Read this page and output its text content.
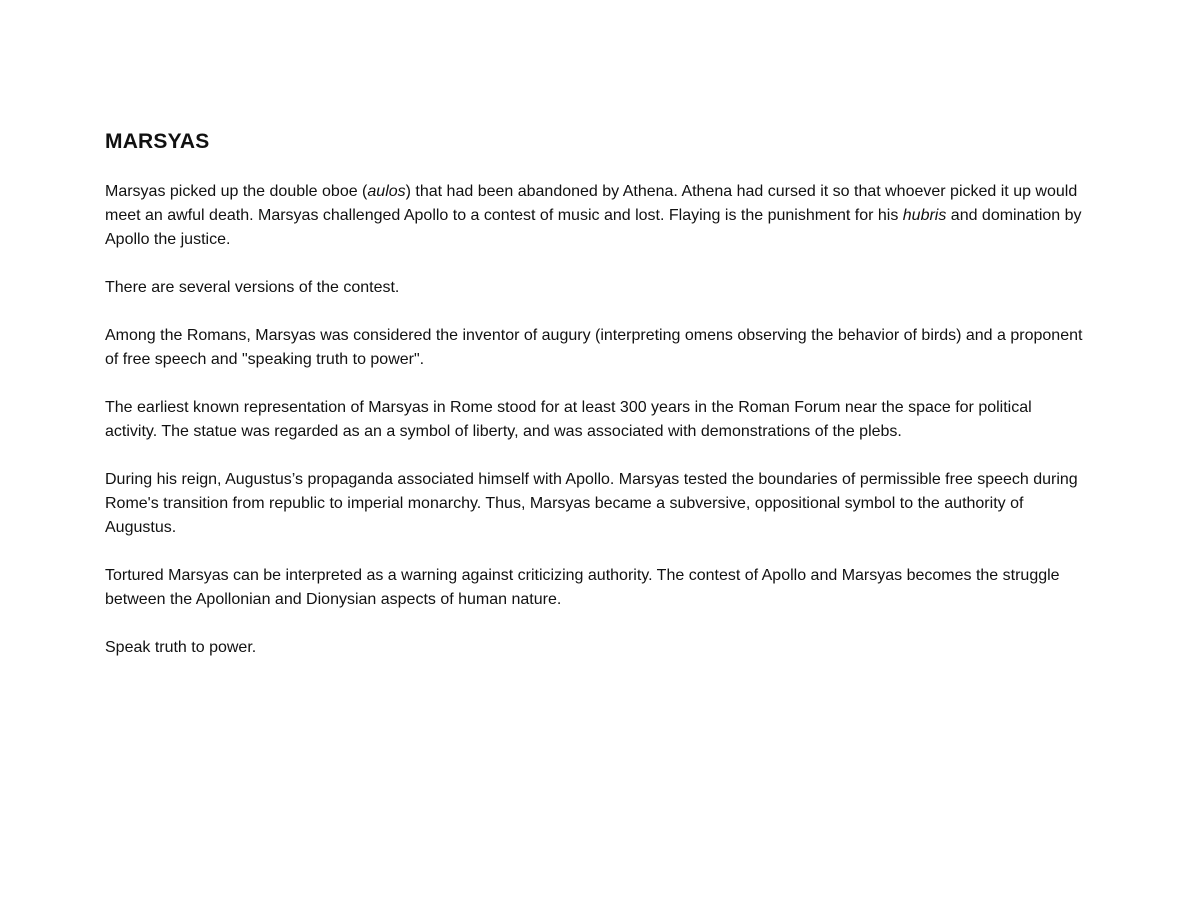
MARSYAS

Marsyas picked up the double oboe (aulos) that had been abandoned by Athena. Athena had cursed it so that whoever picked it up would meet an awful death. Marsyas challenged Apollo to a contest of music and lost. Flaying is the punishment for his hubris and domination by Apollo the justice.

There are several versions of the contest.

Among the Romans, Marsyas was considered the inventor of augury (interpreting omens observing the behavior of birds) and a proponent of free speech and "speaking truth to power".

The earliest known representation of Marsyas in Rome stood for at least 300 years in the Roman Forum near the space for political activity. The statue was regarded as an a symbol of liberty, and was associated with demonstrations of the plebs.

During his reign, Augustus’s propaganda associated himself with Apollo. Marsyas tested the boundaries of permissible free speech during Rome's transition from republic to imperial monarchy. Thus, Marsyas became a subversive, oppositional symbol to the authority of Augustus.

Tortured Marsyas can be interpreted as a warning against criticizing authority. The contest of Apollo and Marsyas becomes the struggle between the Apollonian and Dionysian aspects of human nature.

Speak truth to power.
